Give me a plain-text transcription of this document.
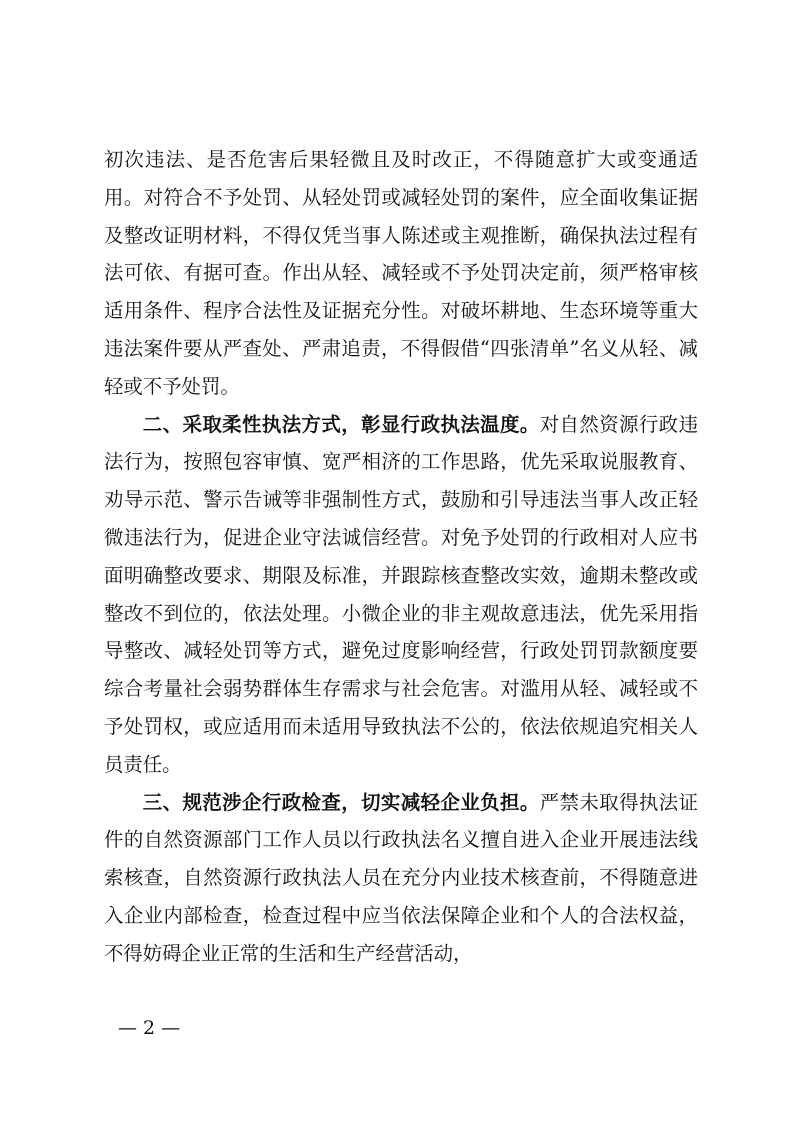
初次违法、是否危害后果轻微且及时改正，不得随意扩大或变通适用。对符合不予处罚、从轻处罚或减轻处罚的案件，应全面收集证据及整改证明材料，不得仅凭当事人陈述或主观推断，确保执法过程有法可依、有据可查。作出从轻、减轻或不予处罚决定前，须严格审核适用条件、程序合法性及证据充分性。对破坏耕地、生态环境等重大违法案件要从严查处、严肃追责，不得假借“四张清单”名义从轻、减轻或不予处罚。

二、采取柔性执法方式，彰显行政执法温度。对自然资源行政违法行为，按照包容审慎、宽严相济的工作思路，优先采取说服教育、劝导示范、警示告诫等非强制性方式，鼓励和引导违法当事人改正轻微违法行为，促进企业守法诚信经营。对免予处罚的行政相对人应书面明确整改要求、期限及标准，并跟踪核查整改实效，逾期未整改或整改不到位的，依法处理。小微企业的非主观故意违法，优先采用指导整改、减轻处罚等方式，避免过度影响经营，行政处罚罚款额度要综合考量社会弱势群体生存需求与社会危害。对滥用从轻、减轻或不予处罚权，或应适用而未适用导致执法不公的，依法依规追究相关人员责任。

三、规范涉企行政检查，切实减轻企业负担。严禁未取得执法证件的自然资源部门工作人员以行政执法名义擅自进入企业开展违法线索核查，自然资源行政执法人员在充分内业技术核查前，不得随意进入企业内部检查，检查过程中应当依法保障企业和个人的合法权益，不得妨碍企业正常的生活和生产经营活动，

— 2 —
